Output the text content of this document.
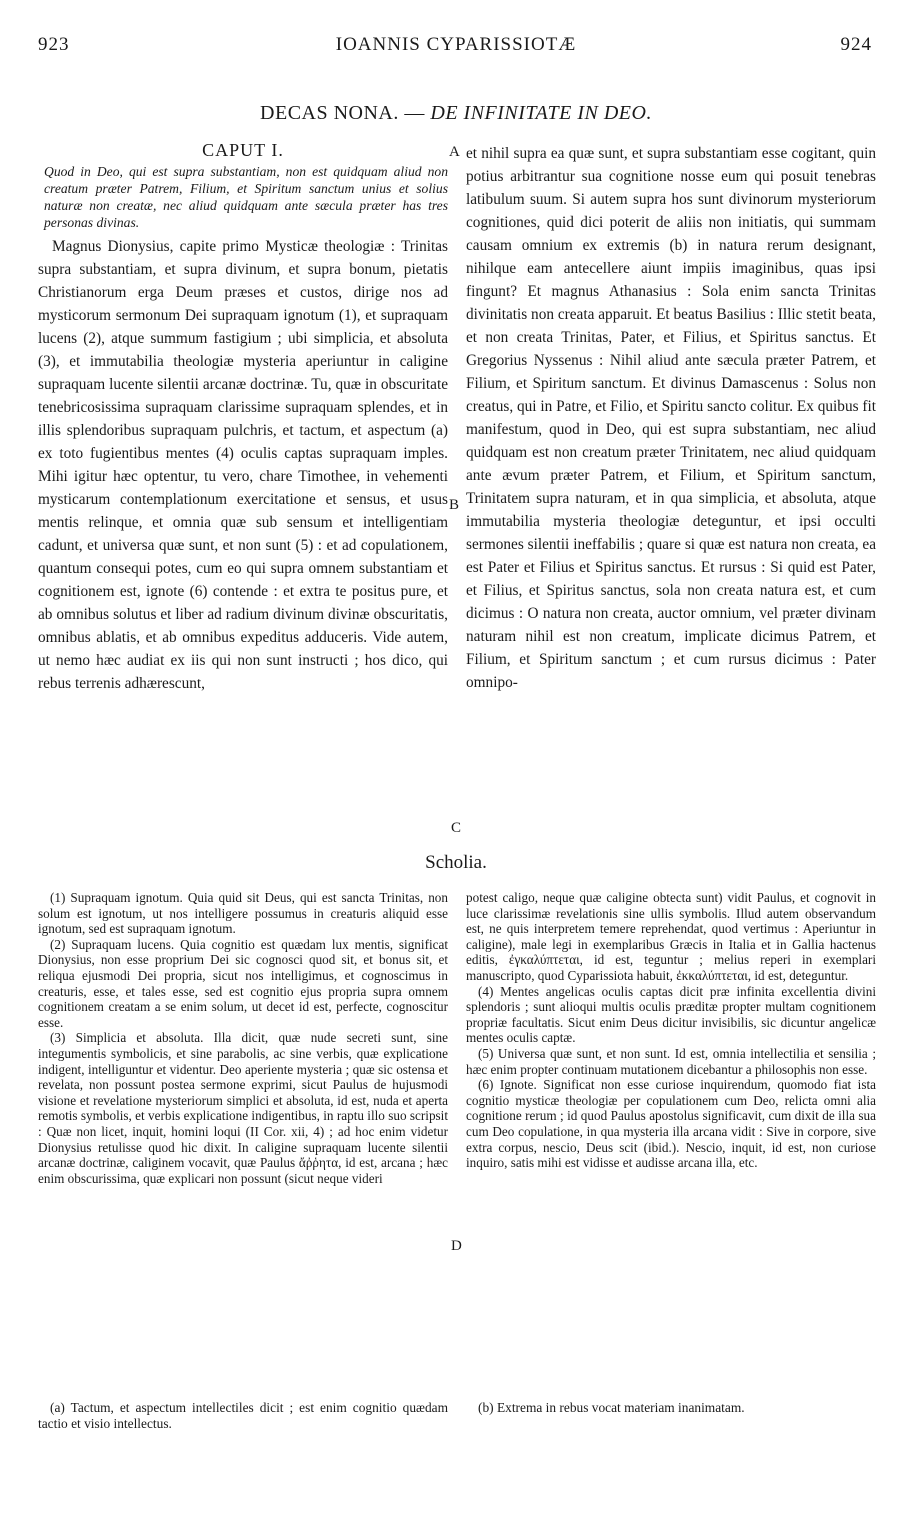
923	IOANNIS CYPARISSIOTÆ	924
DECAS NONA. — DE INFINITATE IN DEO.
CAPUT I.

Quod in Deo, qui est supra substantiam, non est quidquam aliud non creatum præter Patrem, Filium, et Spiritum sanctum unius et solius naturæ non creatæ, nec aliud quidquam ante sæcula præter has tres personas divinas.

Magnus Dionysius, capite primo Mysticæ theologiæ : Trinitas supra substantiam, et supra divinum, et supra bonum, pietatis Christianorum erga Deum præses et custos, dirige nos ad mysticorum sermonum Dei supraquam ignotum (1), et supraquam lucens (2), atque summum fastigium ; ubi simplicia, et absoluta (3), et immutabilia theologiæ mysteria aperiuntur in caligine supraquam lucente silentii arcanæ doctrinæ. Tu, quæ in obscuritate tenebricosissima supraquam clarissime supraquam splendes, et in illis splendoribus supraquam pulchris, et tactum, et aspectum (a) ex toto fugientibus mentes (4) oculis captas supraquam imples. Mihi igitur hæc optentur, tu vero, chare Timothee, in vehementi mysticarum contemplationum exercitatione et sensus, et usus mentis relinque, et omnia quæ sub sensum et intelligentiam cadunt, et universa quæ sunt, et non sunt (5) : et ad copulationem, quantum consequi potes, cum eo qui supra omnem substantiam et cognitionem est, ignote (6) contende : et extra te positus pure, et ab omnibus solutus et liber ad radium divinum divinæ obscuritatis, omnibus ablatis, et ab omnibus expeditus adduceris. Vide autem, ut nemo hæc audiat ex iis qui non sunt instructi ; hos dico, qui rebus terrenis adhærescunt,

et nihil supra ea quæ sunt, et supra substantiam esse cogitant, quin potius arbitrantur sua cognitione nosse eum qui posuit tenebras latibulum suum. Si autem supra hos sunt divinorum mysteriorum cognitiones, quid dici poterit de aliis non initiatis, qui summam causam omnium ex extremis (b) in natura rerum designant, nihilque eam antecellere aiunt impiis imaginibus, quas ipsi fingunt? Et magnus Athanasius : Sola enim sancta Trinitas divinitatis non creata apparuit. Et beatus Basilius : Illic stetit beata, et non creata Trinitas, Pater, et Filius, et Spiritus sanctus. Et Gregorius Nyssenus : Nihil aliud ante sæcula præter Patrem, et Filium, et Spiritum sanctum. Et divinus Damascenus : Solus non creatus, qui in Patre, et Filio, et Spiritu sancto colitur. Ex quibus fit manifestum, quod in Deo, qui est supra substantiam, nec aliud quidquam est non creatum præter Trinitatem, nec aliud quidquam ante ævum præter Patrem, et Filium, et Spiritum sanctum, Trinitatem supra naturam, et in qua simplicia, et absoluta, atque immutabilia mysteria theologiæ deteguntur, et ipsi occulti sermones silentii ineffabilis ; quare si quæ est natura non creata, ea est Pater et Filius et Spiritus sanctus. Et rursus : Si quid est Pater, et Filius, et Spiritus sanctus, sola non creata natura est, et cum dicimus : O natura non creata, auctor omnium, vel præter divinam naturam nihil est non creatum, implicate dicimus Patrem, et Filium, et Spiritum sanctum ; et cum rursus dicimus : Pater omnipo-

A
B
C
D
Scholia.

(1) Supraquam ignotum. Quia quid sit Deus, qui est sancta Trinitas, non solum est ignotum, ut nos intelligere possumus in creaturis aliquid esse ignotum, sed est supraquam ignotum.

(2) Supraquam lucens. Quia cognitio est quædam lux mentis, significat Dionysius, non esse proprium Dei sic cognosci quod sit, et bonus sit, et reliqua ejusmodi Dei propria, sicut nos intelligimus, et cognoscimus in creaturis, esse, et tales esse, sed est cognitio ejus propria supra omnem cognitionem creatam a se enim solum, ut decet id est, perfecte, cognoscitur esse.

(3) Simplicia et absoluta. Illa dicit, quæ nude secreti sunt, sine integumentis symbolicis, et sine parabolis, ac sine verbis, quæ explicatione indigent, intelliguntur et videntur. Deo aperiente mysteria ; quæ sic ostensa et revelata, non possunt postea sermone exprimi, sicut Paulus de hujusmodi visione et revelatione mysteriorum simplici et absoluta, id est, nuda et aperta remotis symbolis, et verbis explicatione indigentibus, in raptu illo suo scripsit : Quæ non licet, inquit, homini loqui (II Cor. xii, 4) ; ad hoc enim videtur Dionysius retulisse quod hic dixit. In caligine supraquam lucente silentii arcanæ doctrinæ, caliginem vocavit, quæ Paulus ἄῤῥητα, id est, arcana ; hæc enim obscurissima, quæ explicari non possunt (sicut neque videri

potest caligo, neque quæ caligine obtecta sunt) vidit Paulus, et cognovit in luce clarissimæ revelationis sine ullis symbolis. Illud autem observandum est, ne quis interpretem temere reprehendat, quod vertimus : Aperiuntur in caligine), male legi in exemplaribus Græcis in Italia et in Gallia hactenus editis, ἐγκαλύπτεται, id est, teguntur ; melius reperi in exemplari manuscripto, quod Cyparissiota habuit, ἐκκαλύπτεται, id est, deteguntur.

(4) Mentes angelicas oculis captas dicit præ infinita excellentia divini splendoris ; sunt alioqui multis oculis præditæ propter multam cognitionem propriæ facultatis. Sicut enim Deus dicitur invisibilis, sic dicuntur angelicæ mentes oculis captæ.

(5) Universa quæ sunt, et non sunt. Id est, omnia intellectilia et sensilia ; hæc enim propter continuam mutationem dicebantur a philosophis non esse.

(6) Ignote. Significat non esse curiose inquirendum, quomodo fiat ista cognitio mysticæ theologiæ per copulationem cum Deo, relicta omni alia cognitione rerum ; id quod Paulus apostolus significavit, cum dixit de illa sua cum Deo copulatione, in qua mysteria illa arcana vidit : Sive in corpore, sive extra corpus, nescio, Deus scit (ibid.). Nescio, inquit, id est, non curiose inquiro, satis mihi est vidisse et audisse arcana illa, etc.

(a) Tactum, et aspectum intellectiles dicit ; est enim cognitio quædam tactio et visio intellectus.

(b) Extrema in rebus vocat materiam inanimatam.
